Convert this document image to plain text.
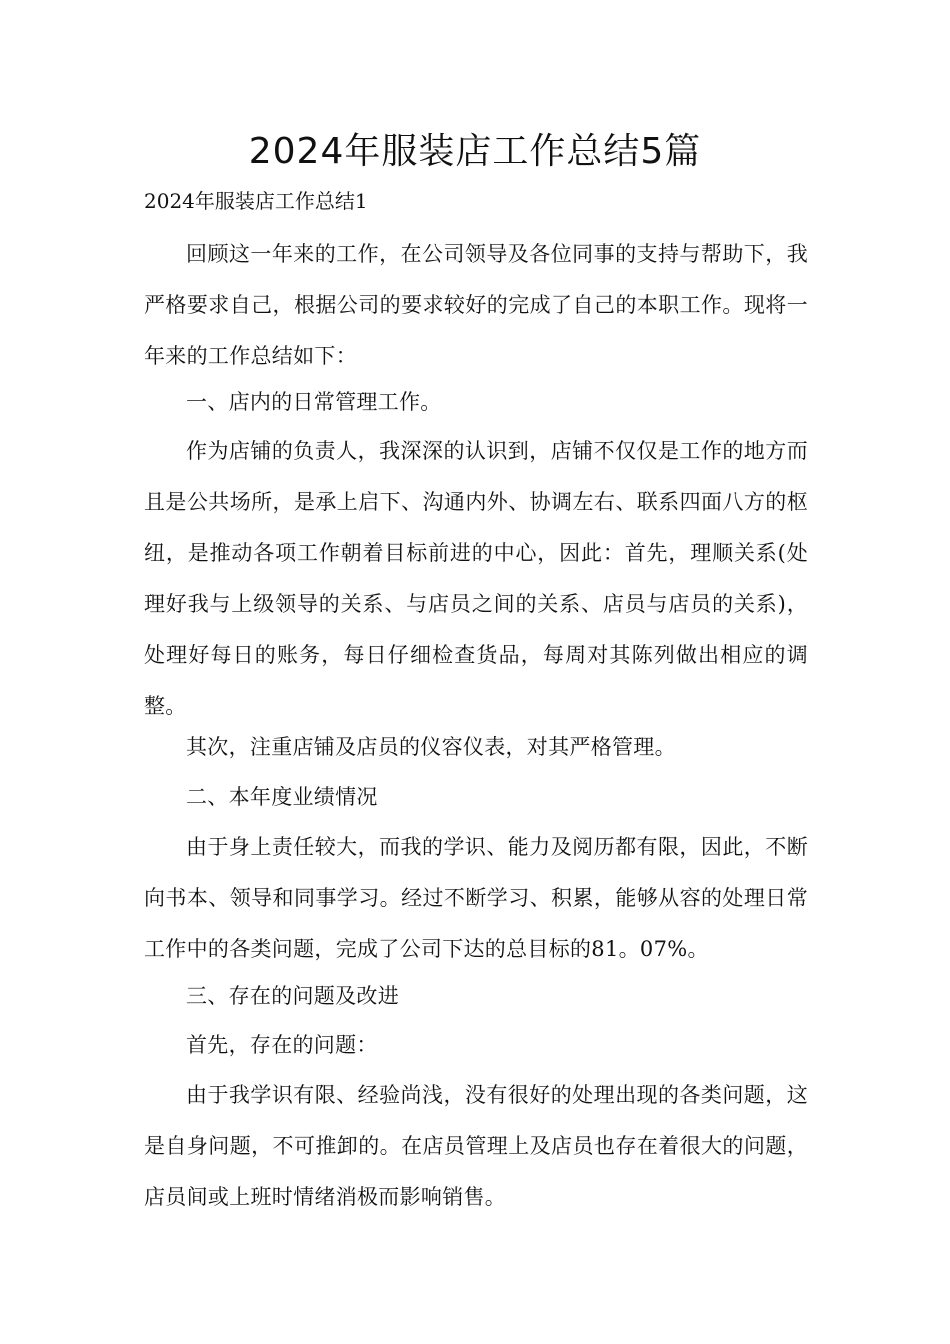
2024年服装店工作总结5篇
2024年服装店工作总结1

回顾这一年来的工作，在公司领导及各位同事的支持与帮助下，我严格要求自己，根据公司的要求较好的完成了自己的本职工作。现将一年来的工作总结如下：

一、店内的日常管理工作。

作为店铺的负责人，我深深的认识到，店铺不仅仅是工作的地方而且是公共场所，是承上启下、沟通内外、协调左右、联系四面八方的枢纽，是推动各项工作朝着目标前进的中心，因此：首先，理顺关系(处理好我与上级领导的关系、与店员之间的关系、店员与店员的关系)，处理好每日的账务，每日仔细检查货品，每周对其陈列做出相应的调整。

其次，注重店铺及店员的仪容仪表，对其严格管理。

二、本年度业绩情况

由于身上责任较大，而我的学识、能力及阅历都有限，因此，不断向书本、领导和同事学习。经过不断学习、积累，能够从容的处理日常工作中的各类问题，完成了公司下达的总目标的81。07%。

三、存在的问题及改进

首先，存在的问题：

由于我学识有限、经验尚浅，没有很好的处理出现的各类问题，这是自身问题，不可推卸的。在店员管理上及店员也存在着很大的问题，店员间或上班时情绪消极而影响销售。
